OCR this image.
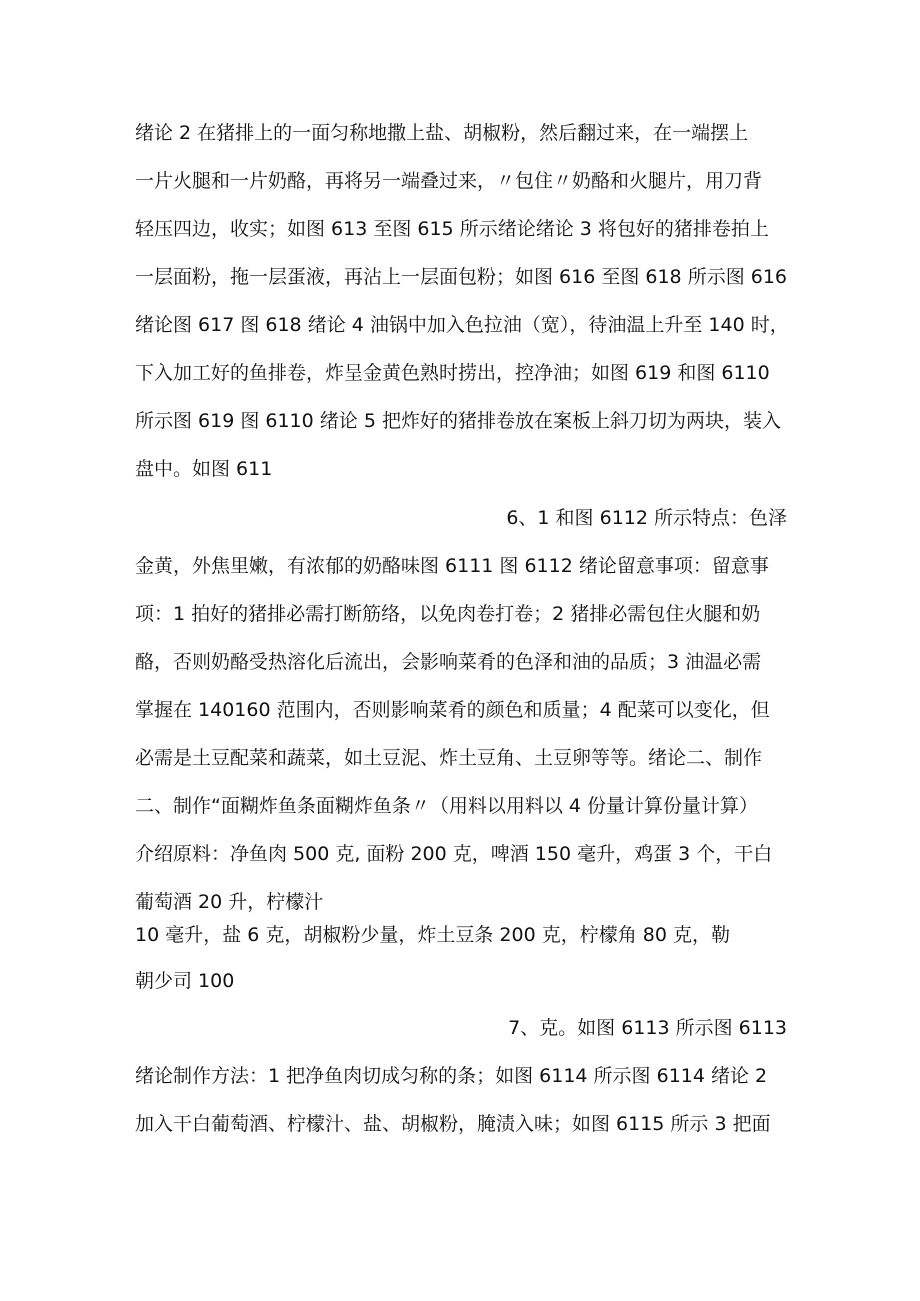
绪论 2 在猪排上的一面匀称地撒上盐、胡椒粉，然后翻过来，在一端摆上
一片火腿和一片奶酪，再将另一端叠过来，〃包住〃奶酪和火腿片，用刀背
轻压四边，收实；如图 613 至图 615 所示绪论绪论 3 将包好的猪排卷拍上
一层面粉，拖一层蛋液，再沾上一层面包粉；如图 616 至图 618 所示图 616
绪论图 617 图 618 绪论 4 油锅中加入色拉油（宽），待油温上升至 140 时，
下入加工好的鱼排卷，炸呈金黄色熟时捞出，控净油；如图 619 和图 6110
所示图 619 图 6110 绪论 5 把炸好的猪排卷放在案板上斜刀切为两块，装入
盘中。如图 611
6、1 和图 6112 所示特点：色泽
金黄，外焦里嫩，有浓郁的奶酪味图 6111 图 6112 绪论留意事项：留意事
项：1 拍好的猪排必需打断筋络，以免肉卷打卷；2 猪排必需包住火腿和奶
酪，否则奶酪受热溶化后流出，会影响菜肴的色泽和油的品质；3 油温必需
掌握在 140160 范围内，否则影响菜肴的颜色和质量；4 配菜可以变化，但
必需是土豆配菜和蔬菜，如土豆泥、炸土豆角、土豆卵等等。绪论二、制作
二、制作“面糊炸鱼条面糊炸鱼条〃（用料以用料以 4 份量计算份量计算）
介绍原料：净鱼肉 500 克, 面粉 200 克，啤酒 150 毫升，鸡蛋 3 个，干白
葡萄酒 20 升，柠檬汁
10 毫升，盐 6 克，胡椒粉少量，炸土豆条 200 克，柠檬角 80 克，勒
朝少司 100
7、克。如图 6113 所示图 6113
绪论制作方法：1 把净鱼肉切成匀称的条；如图 6114 所示图 6114 绪论 2
加入干白葡萄酒、柠檬汁、盐、胡椒粉，腌渍入味；如图 6115 所示 3 把面
